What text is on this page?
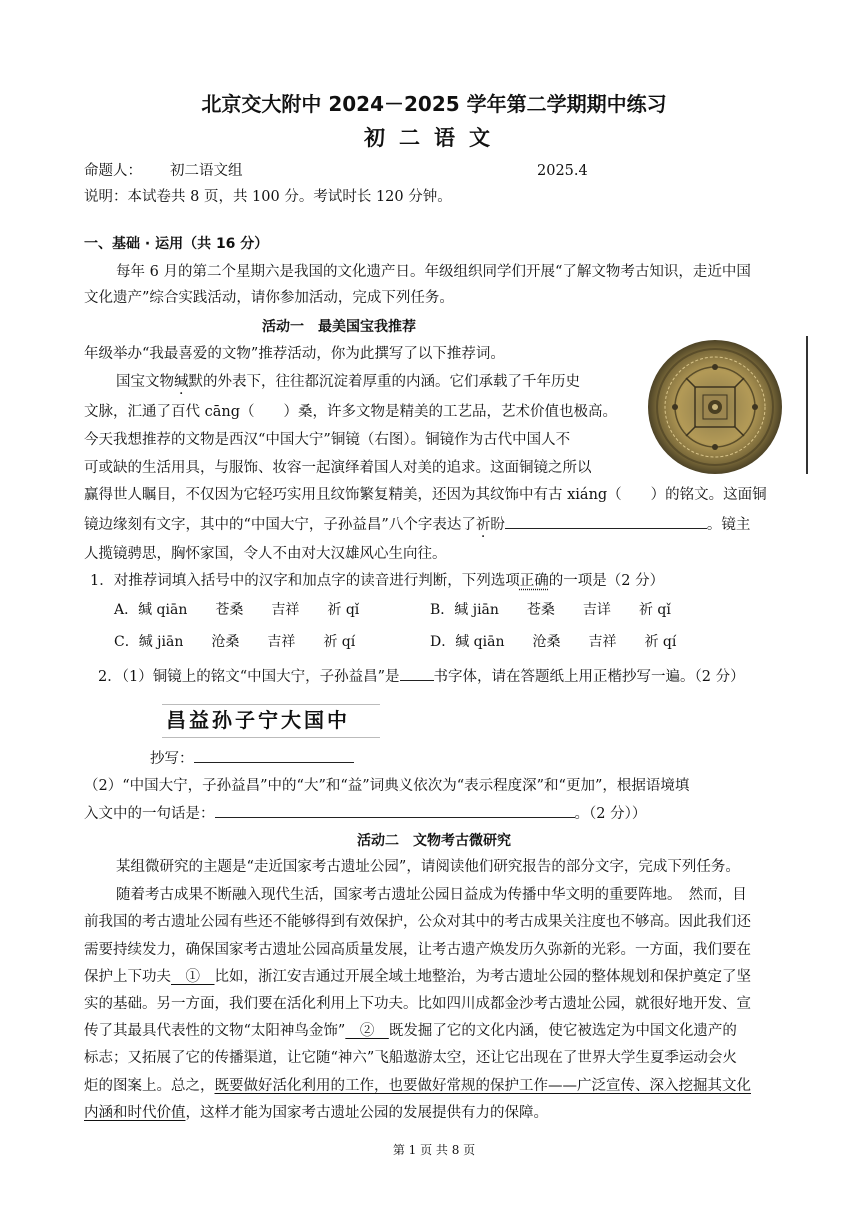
北京交大附中 2024－2025 学年第二学期期中练习
初二语文
命题人： 初二语文组	2025.4
说明：本试卷共 8 页，共 100 分。考试时长 120 分钟。
一、基础 · 运用（共 16 分）
每年 6 月的第二个星期六是我国的文化遗产日。年级组织同学们开展“了解文物考古知识，走近中国
文化遗产”综合实践活动，请你参加活动，完成下列任务。
活动一　最美国宝我推荐
年级举办“我最喜爱的文物”推荐活动，你为此撰写了以下推荐词。
国宝文物缄默的外表下，往往都沉淀着厚重的内涵。它们承载了千年历史
文脉，汇通了百代 cāng（　　）桑，许多文物是精美的工艺品，艺术价值也极高。
今天我想推荐的文物是西汉“中国大宁”铜镜（右图）。铜镜作为古代中国人不
可或缺的生活用具，与服饰、妆容一起演绎着国人对美的追求。这面铜镜之所以
赢得世人瞩目，不仅因为它轻巧实用且纹饰繁复精美，还因为其纹饰中有古 xiáng（　　）的铭文。这面铜
镜边缘刻有文字，其中的“中国大宁，子孙益昌”八个字表达了祈盼	。镜主
人揽镜骋思，胸怀家国，令人不由对大汉雄风心生向往。
1．对推荐词填入括号中的汉字和加点字的读音进行判断，下列选项正确的一项是（2 分）
A．缄 qiān　　苍桑　　吉祥　　祈 qǐ	B．缄 jiān　　苍桑　　吉详　　祈 qǐ
C．缄 jiān　　沧桑　　吉祥　　祈 qí	D．缄 qiān　　沧桑　　吉祥　　祈 qí
2．（1）铜镜上的铭文“中国大宁，子孙益昌”是 书字体，请在答题纸上用正楷抄写一遍。（2 分）
昌益孙子宁大国中
抄写：
（2）“中国大宁，子孙益昌”中的“大”和“益”词典义依次为“表示程度深”和“更加”，根据语境填
入文中的一句话是：	。（2 分））
活动二　文物考古微研究
某组微研究的主题是“走近国家考古遗址公园”，请阅读他们研究报告的部分文字，完成下列任务。
随着考古成果不断融入现代生活，国家考古遗址公园日益成为传播中华文明的重要阵地。　然而，目
前我国的考古遗址公园有些还不能够得到有效保护，公众对其中的考古成果关注度也不够高。因此我们还
需要持续发力，确保国家考古遗址公园高质量发展，让考古遗产焕发历久弥新的光彩。一方面，我们要在
保护上下功夫　①　比如，浙江安吉通过开展全域土地整治，为考古遗址公园的整体规划和保护奠定了坚
实的基础。另一方面，我们要在活化利用上下功夫。比如四川成都金沙考古遗址公园，就很好地开发、宣
传了其最具代表性的文物“太阳神鸟金饰”　②　既发掘了它的文化内涵，使它被选定为中国文化遗产的
标志；又拓展了它的传播渠道，让它随“神六”飞船遨游太空，还让它出现在了世界大学生夏季运动会火
炬的图案上。总之，既要做好活化利用的工作，也要做好常规的保护工作——广泛宣传、深入挖掘其文化
内涵和时代价值，这样才能为国家考古遗址公园的发展提供有力的保障。
第 1 页 共 8 页
